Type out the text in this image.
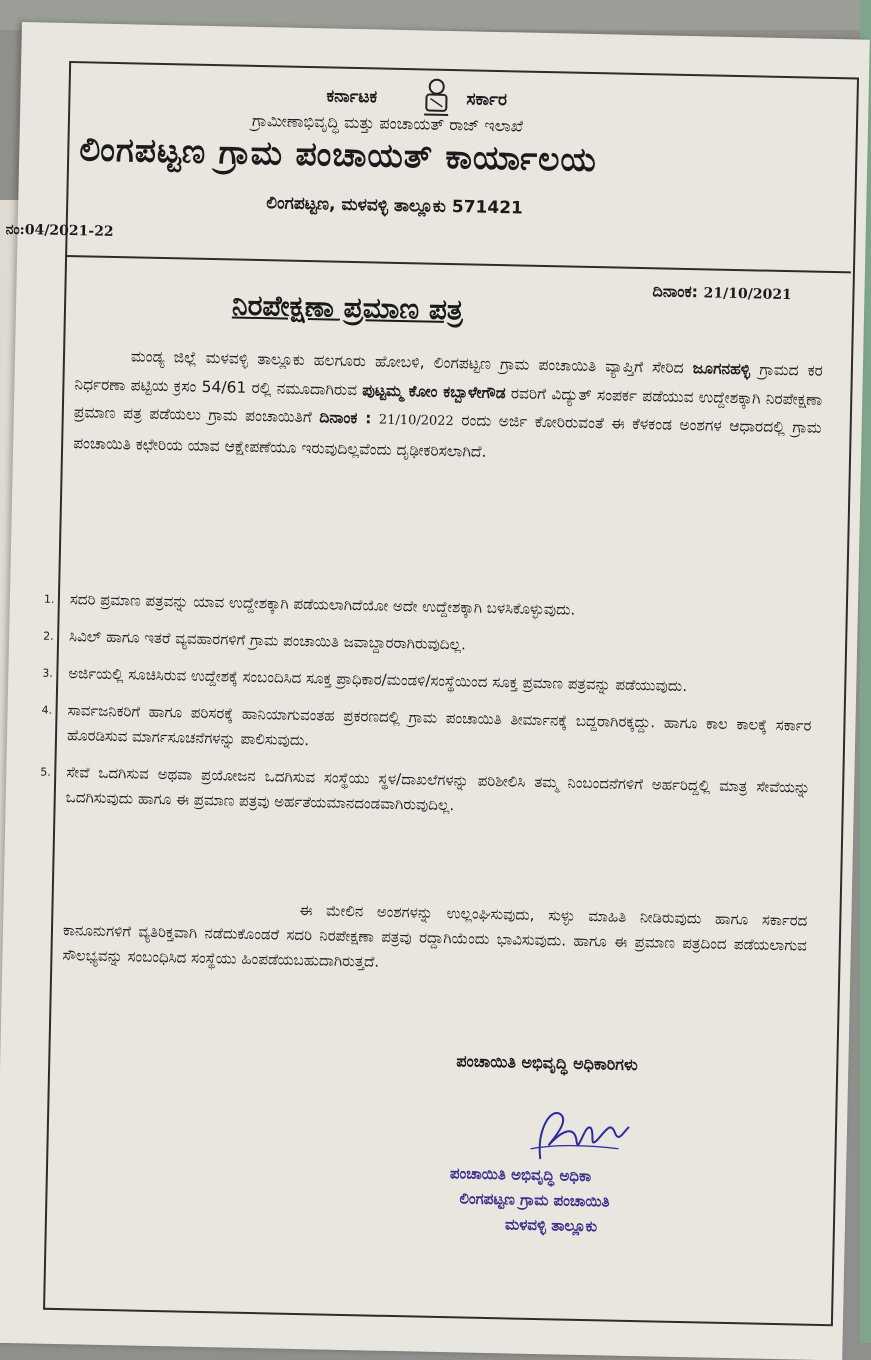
ಕರ್ನಾಟಕ	ಸರ್ಕಾರ
ಗ್ರಾಮೀಣಾಭಿವೃದ್ಧಿ ಮತ್ತು ಪಂಚಾಯತ್ ರಾಜ್ ಇಲಾಖೆ
ಲಿಂಗಪಟ್ಟಣ ಗ್ರಾಮ ಪಂಚಾಯತ್ ಕಾರ್ಯಾಲಯ
ಲಿಂಗಪಟ್ಟಣ, ಮಳವಳ್ಳಿ ತಾಲ್ಲೂಕು 571421
ನಂ:04/2021-22
ದಿನಾಂಕ: 21/10/2021
ನಿರಪೇಕ್ಷಣಾ ಪ್ರಮಾಣ ಪತ್ರ
ಮಂಡ್ಯ ಜಿಲ್ಲೆ ಮಳವಳ್ಳಿ ತಾಲ್ಲೂಕು ಹಲಗೂರು ಹೋಬಳಿ, ಲಿಂಗಪಟ್ಟಣ ಗ್ರಾಮ ಪಂಚಾಯಿತಿ ವ್ಯಾಪ್ತಿಗೆ ಸೇರಿದ ಜೂಗನಹಳ್ಳಿ ಗ್ರಾಮದ ಕರ ನಿರ್ಧರಣಾ ಪಟ್ಟಿಯ ಕ್ರಸಂ 54/61 ರಲ್ಲಿ ನಮೂದಾಗಿರುವ ಪುಟ್ಟಮ್ಮ ಕೋಂ ಕಬ್ಬಾಳೇಗೌಡ ರವರಿಗೆ ವಿದ್ಯುತ್ ಸಂಪರ್ಕ ಪಡೆಯುವ ಉದ್ದೇಶಕ್ಕಾಗಿ ನಿರಪೇಕ್ಷಣಾ ಪ್ರಮಾಣ ಪತ್ರ ಪಡೆಯಲು ಗ್ರಾಮ ಪಂಚಾಯಿತಿಗೆ ದಿನಾಂಕ : 21/10/2022 ರಂದು ಅರ್ಜಿ ಕೋರಿರುವಂತೆ ಈ ಕೆಳಕಂಡ ಅಂಶಗಳ ಆಧಾರದಲ್ಲಿ ಗ್ರಾಮ ಪಂಚಾಯಿತಿ ಕಛೇರಿಯ ಯಾವ ಆಕ್ಷೇಪಣೆಯೂ ಇರುವುದಿಲ್ಲವೆಂದು ದೃಢೀಕರಿಸಲಾಗಿದೆ.
1. ಸದರಿ ಪ್ರಮಾಣ ಪತ್ರವನ್ನು ಯಾವ ಉದ್ದೇಶಕ್ಕಾಗಿ ಪಡೆಯಲಾಗಿದೆಯೋ ಅದೇ ಉದ್ದೇಶಕ್ಕಾಗಿ ಬಳಸಿಕೊಳ್ಳುವುದು.
2. ಸಿವಿಲ್ ಹಾಗೂ ಇತರೆ ವ್ಯವಹಾರಗಳಿಗೆ ಗ್ರಾಮ ಪಂಚಾಯಿತಿ ಜವಾಬ್ದಾರರಾಗಿರುವುದಿಲ್ಲ.
3. ಅರ್ಜಿಯಲ್ಲಿ ಸೂಚಿಸಿರುವ ಉದ್ದೇಶಕ್ಕೆ ಸಂಬಂದಿಸಿದ ಸೂಕ್ತ ಪ್ರಾಧಿಕಾರ/ಮಂಡಳಿ/ಸಂಸ್ಥೆಯಿಂದ ಸೂಕ್ತ ಪ್ರಮಾಣ ಪತ್ರವನ್ನು ಪಡೆಯುವುದು.
4. ಸಾರ್ವಜನಿಕರಿಗೆ ಹಾಗೂ ಪರಿಸರಕ್ಕೆ ಹಾನಿಯಾಗುವಂತಹ ಪ್ರಕರಣದಲ್ಲಿ ಗ್ರಾಮ ಪಂಚಾಯಿತಿ ತೀರ್ಮಾನಕ್ಕೆ ಬದ್ದರಾಗಿರಕ್ಕದ್ದು. ಹಾಗೂ ಕಾಲ ಕಾಲಕ್ಕೆ ಸರ್ಕಾರ ಹೊರಡಿಸುವ ಮಾರ್ಗಸೂಚನೆಗಳನ್ನು ಪಾಲಿಸುವುದು.
5. ಸೇವೆ ಒದಗಿಸುವ ಅಥವಾ ಪ್ರಯೋಜನ ಒದಗಿಸುವ ಸಂಸ್ಥೆಯು ಸ್ಥಳ/ದಾಖಲೆಗಳನ್ನು ಪರಿಶೀಲಿಸಿ ತಮ್ಮ ನಿಂಬಂದನೆಗಳಿಗೆ ಅರ್ಹರಿದ್ದಲ್ಲಿ ಮಾತ್ರ ಸೇವೆಯನ್ನು ಒದಗಿಸುವುದು ಹಾಗೂ ಈ ಪ್ರಮಾಣ ಪತ್ರವು ಅರ್ಹತೆಯಮಾನದಂಡವಾಗಿರುವುದಿಲ್ಲ.
ಈ ಮೇಲಿನ ಅಂಶಗಳನ್ನು ಉಲ್ಲಂಘಿಸುವುದು, ಸುಳ್ಳು ಮಾಹಿತಿ ನೀಡಿರುವುದು ಹಾಗೂ ಸರ್ಕಾರದ ಕಾನೂನುಗಳಿಗೆ ವ್ಯತಿರಿಕ್ತವಾಗಿ ನಡೆದುಕೊಂಡರೆ ಸದರಿ ನಿರಪೇಕ್ಷಣಾ ಪತ್ರವು ರದ್ದಾಗಿಯೆಂದು ಭಾವಿಸುವುದು. ಹಾಗೂ ಈ ಪ್ರಮಾಣ ಪತ್ರದಿಂದ ಪಡೆಯಲಾಗುವ ಸೌಲಭ್ಯವನ್ನು ಸಂಬಂಧಿಸಿದ ಸಂಸ್ಥೆಯು ಹಿಂಪಡೆಯಬಹುದಾಗಿರುತ್ತದೆ.
ಪಂಚಾಯಿತಿ ಅಭಿವೃದ್ಧಿ ಅಧಿಕಾರಿಗಳು
ಪಂಚಾಯಿತಿ ಅಭಿವೃದ್ಧಿ ಅಧಿಕಾ
ಲಿಂಗಪಟ್ಟಣ ಗ್ರಾಮ ಪಂಚಾಯಿತಿ
ಮಳವಳ್ಳಿ ತಾಲ್ಲೂಕು
